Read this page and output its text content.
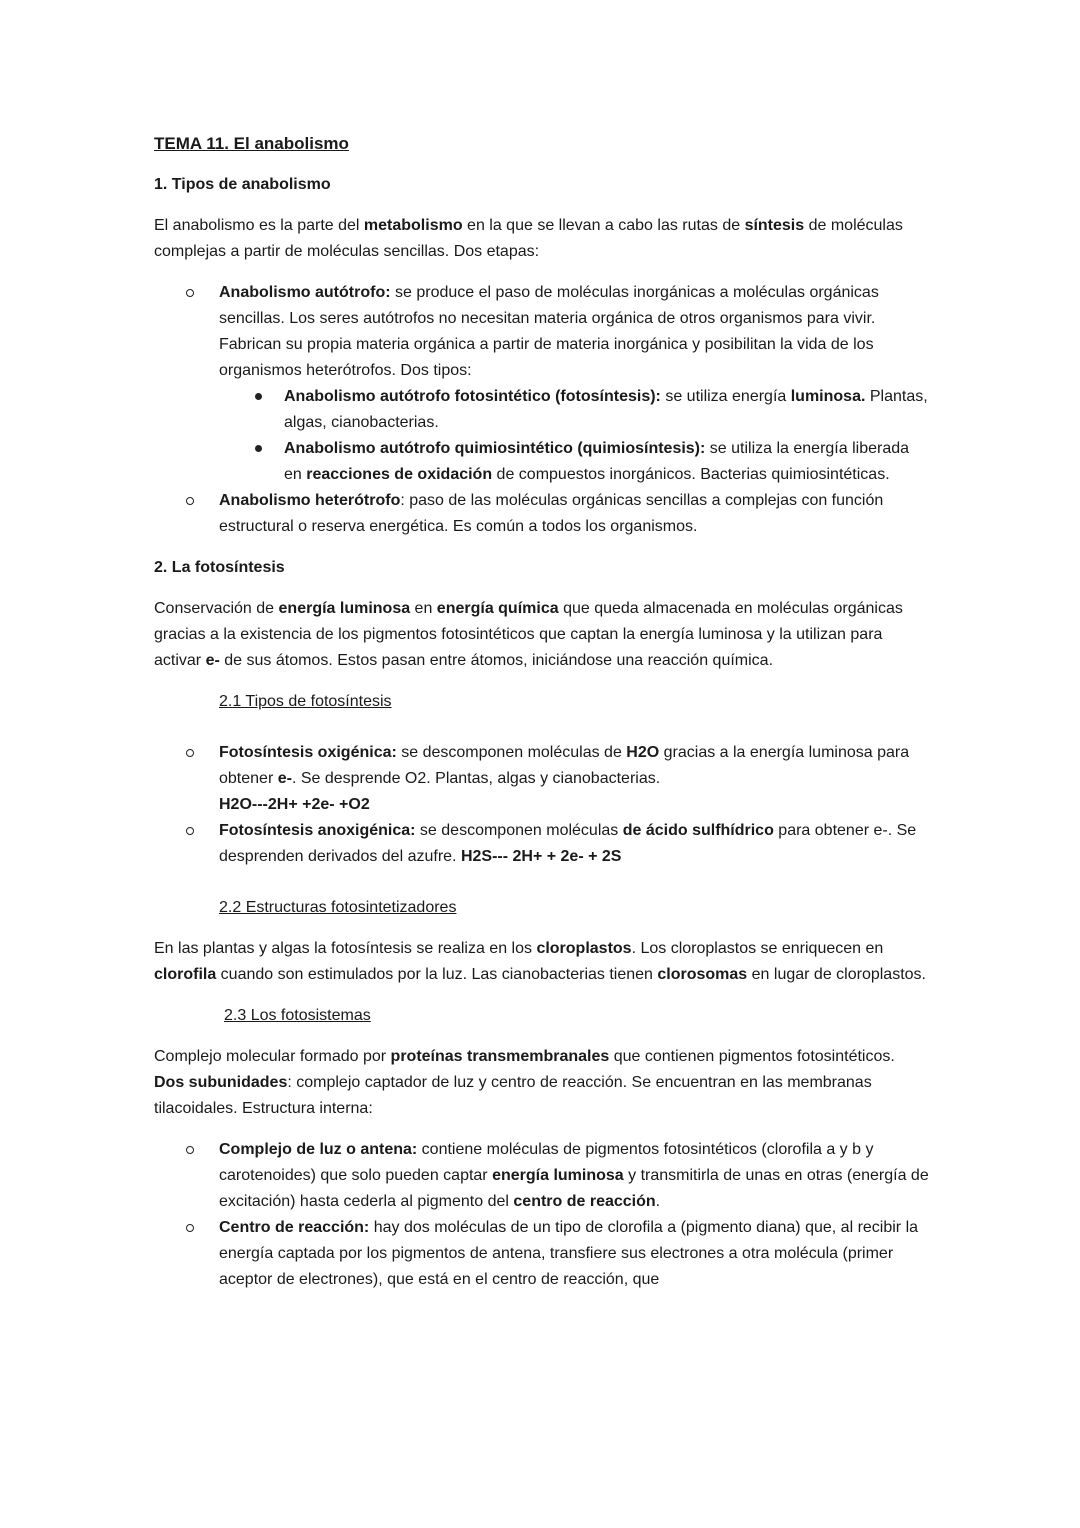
TEMA 11. El anabolismo
1. Tipos de anabolismo

El anabolismo es la parte del metabolismo en la que se llevan a cabo las rutas de síntesis de moléculas complejas a partir de moléculas sencillas. Dos etapas:

Anabolismo autótrofo: se produce el paso de moléculas inorgánicas a moléculas orgánicas sencillas. Los seres autótrofos no necesitan materia orgánica de otros organismos para vivir. Fabrican su propia materia orgánica a partir de materia inorgánica y posibilitan la vida de los organismos heterótrofos. Dos tipos:
Anabolismo autótrofo fotosintético (fotosíntesis): se utiliza energía luminosa. Plantas, algas, cianobacterias.
Anabolismo autótrofo quimiosintético (quimiosíntesis): se utiliza la energía liberada en reacciones de oxidación de compuestos inorgánicos. Bacterias quimiosintéticas.
Anabolismo heterótrofo: paso de las moléculas orgánicas sencillas a complejas con función estructural o reserva energética. Es común a todos los organismos.
2. La fotosíntesis

Conservación de energía luminosa en energía química que queda almacenada en moléculas orgánicas gracias a la existencia de los pigmentos fotosintéticos que captan la energía luminosa y la utilizan para activar e- de sus átomos. Estos pasan entre átomos, iniciándose una reacción química.

2.1 Tipos de fotosíntesis
Fotosíntesis oxigénica: se descomponen moléculas de H2O gracias a la energía luminosa para obtener e-. Se desprende O2. Plantas, algas y cianobacterias.
H2O---2H+ +2e- +O2
Fotosíntesis anoxigénica: se descomponen moléculas de ácido sulfhídrico para obtener e-. Se desprenden derivados del azufre. H2S--- 2H+ + 2e- + 2S
2.2 Estructuras fotosintetizadores

En las plantas y algas la fotosíntesis se realiza en los cloroplastos. Los cloroplastos se enriquecen en clorofila cuando son estimulados por la luz. Las cianobacterias tienen clorosomas en lugar de cloroplastos.

2.3 Los fotosistemas

Complejo molecular formado por proteínas transmembranales que contienen pigmentos fotosintéticos. Dos subunidades: complejo captador de luz y centro de reacción. Se encuentran en las membranas tilacoidales. Estructura interna:

Complejo de luz o antena: contiene moléculas de pigmentos fotosintéticos (clorofila a y b y carotenoides) que solo pueden captar energía luminosa y transmitirla de unas en otras (energía de excitación) hasta cederla al pigmento del centro de reacción.
Centro de reacción: hay dos moléculas de un tipo de clorofila a (pigmento diana) que, al recibir la energía captada por los pigmentos de antena, transfiere sus electrones a otra molécula (primer aceptor de electrones), que está en el centro de reacción, que
